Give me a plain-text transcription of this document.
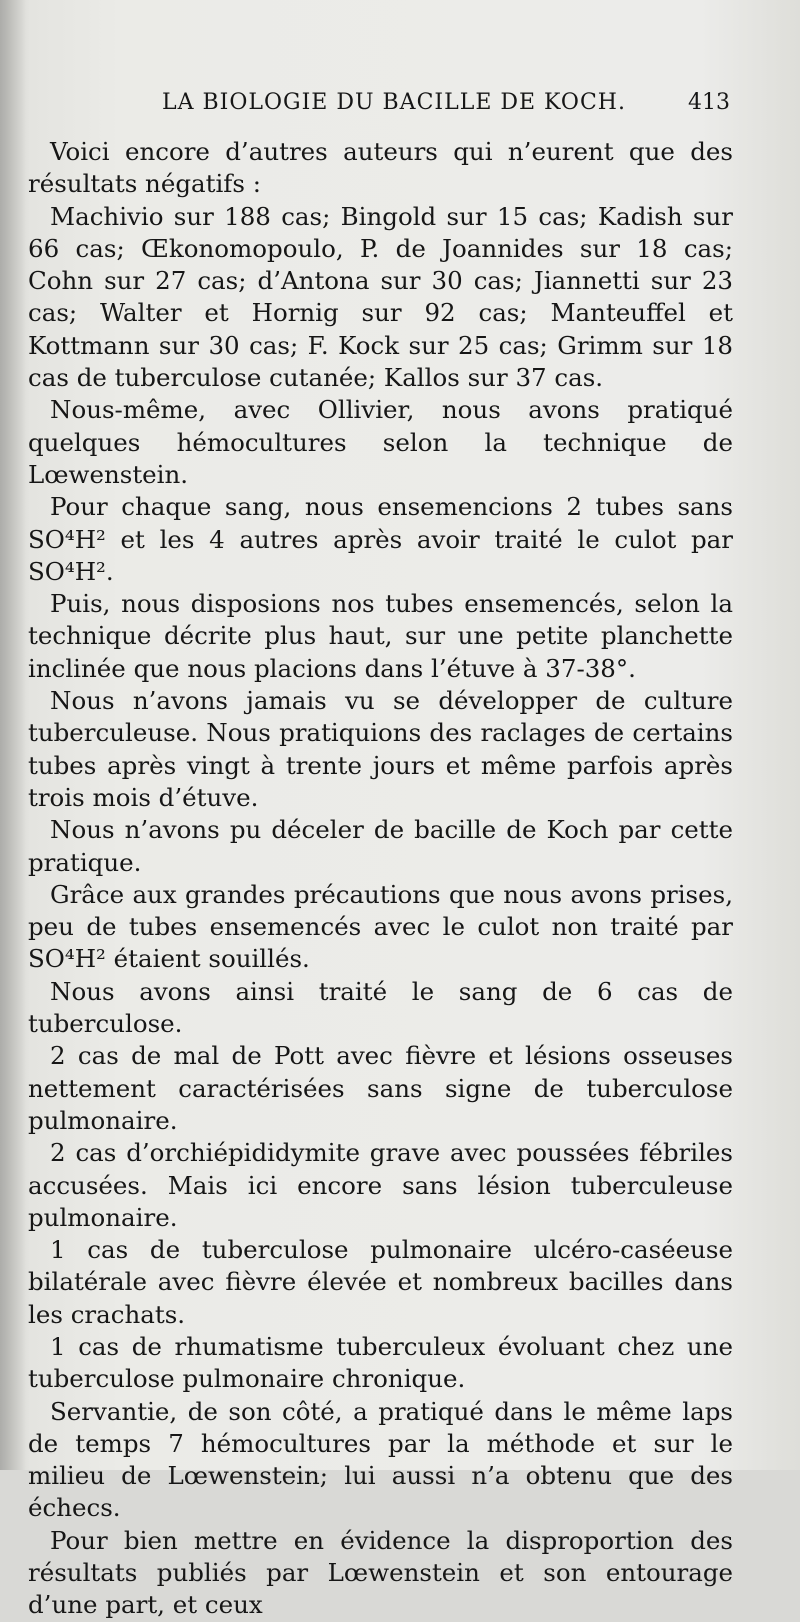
LA BIOLOGIE DU BACILLE DE KOCH.	413

Voici encore d’autres auteurs qui n’eurent que des résultats négatifs :

Machivio sur 188 cas; Bingold sur 15 cas; Kadish sur 66 cas; Œkonomopoulo, P. de Joannides sur 18 cas; Cohn sur 27 cas; d’Antona sur 30 cas; Jiannetti sur 23 cas; Walter et Hornig sur 92 cas; Manteuffel et Kottmann sur 30 cas; F. Kock sur 25 cas; Grimm sur 18 cas de tuberculose cutanée; Kallos sur 37 cas.

Nous-même, avec Ollivier, nous avons pratiqué quelques hémocultures selon la technique de Lœwenstein.

Pour chaque sang, nous ensemencions 2 tubes sans SO⁴H² et les 4 autres après avoir traité le culot par SO⁴H².

Puis, nous disposions nos tubes ensemencés, selon la technique décrite plus haut, sur une petite planchette inclinée que nous placions dans l’étuve à 37-38°.

Nous n’avons jamais vu se développer de culture tuberculeuse. Nous pratiquions des raclages de certains tubes après vingt à trente jours et même parfois après trois mois d’étuve.

Nous n’avons pu déceler de bacille de Koch par cette pratique.

Grâce aux grandes précautions que nous avons prises, peu de tubes ensemencés avec le culot non traité par SO⁴H² étaient souillés.

Nous avons ainsi traité le sang de 6 cas de tuberculose.

2 cas de mal de Pott avec fièvre et lésions osseuses nettement caractérisées sans signe de tuberculose pulmonaire.

2 cas d’orchiépididymite grave avec poussées fébriles accusées. Mais ici encore sans lésion tuberculeuse pulmonaire.

1 cas de tuberculose pulmonaire ulcéro-caséeuse bilatérale avec fièvre élevée et nombreux bacilles dans les crachats.

1 cas de rhumatisme tuberculeux évoluant chez une tuberculose pulmonaire chronique.

Servantie, de son côté, a pratiqué dans le même laps de temps 7 hémocultures par la méthode et sur le milieu de Lœwenstein; lui aussi n’a obtenu que des échecs.

Pour bien mettre en évidence la disproportion des résultats publiés par Lœwenstein et son entourage d’une part, et ceux
